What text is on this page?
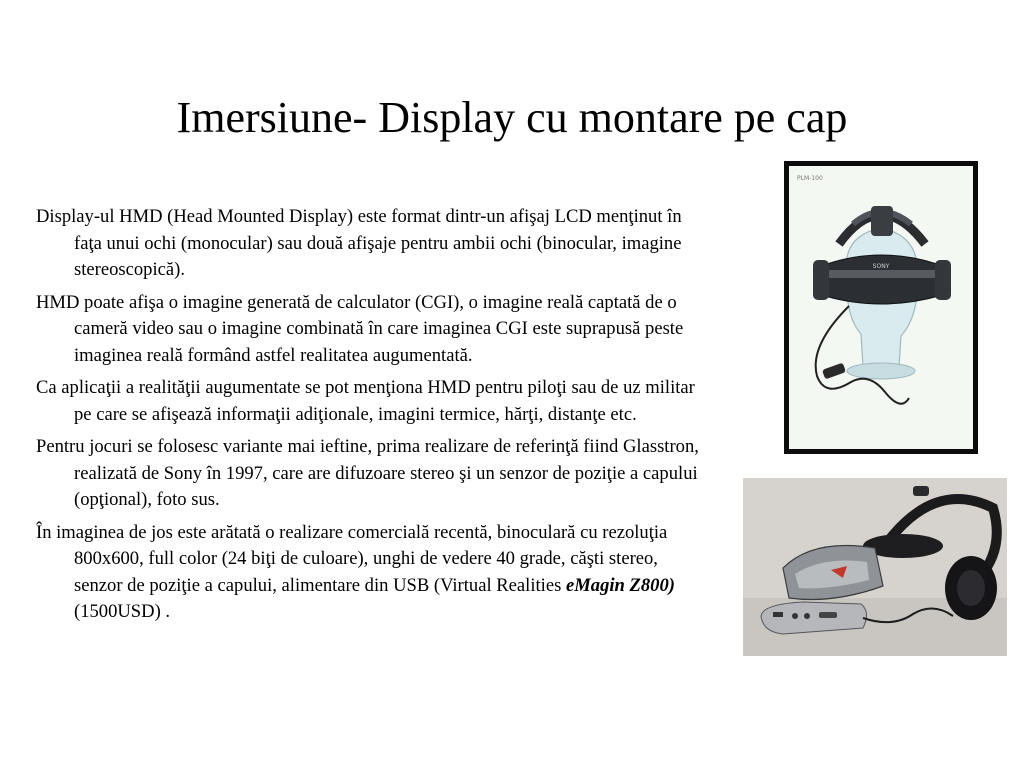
Imersiune- Display cu montare pe cap

Display-ul HMD (Head Mounted Display) este format dintr-un afişaj LCD menţinut în faţa unui ochi (monocular) sau două afişaje pentru ambii ochi (binocular, imagine stereoscopică).

HMD poate afişa o imagine generată de calculator (CGI), o imagine reală captată de o cameră video sau o imagine combinată în care imaginea CGI este suprapusă peste imaginea reală formând astfel realitatea augumentată.

Ca aplicaţii a realităţii augumentate se pot menţiona HMD pentru piloţi sau de uz militar pe care se afişează informaţii adiţionale, imagini termice, hărţi, distanţe etc.

Pentru jocuri se folosesc variante mai ieftine, prima realizare de referinţă fiind Glasstron, realizată de Sony în 1997, care are difuzoare stereo şi un senzor de poziţie a capului (opţional), foto sus.

În imaginea de jos este arătată o realizare comercială recentă, binoculară cu rezoluţia 800x600, full color (24 biţi de culoare), unghi de vedere 40 grade, căşti stereo, senzor de poziţie a capului, alimentare din USB (Virtual Realities eMagin Z800) (1500USD) .

PLM-100
SONY
